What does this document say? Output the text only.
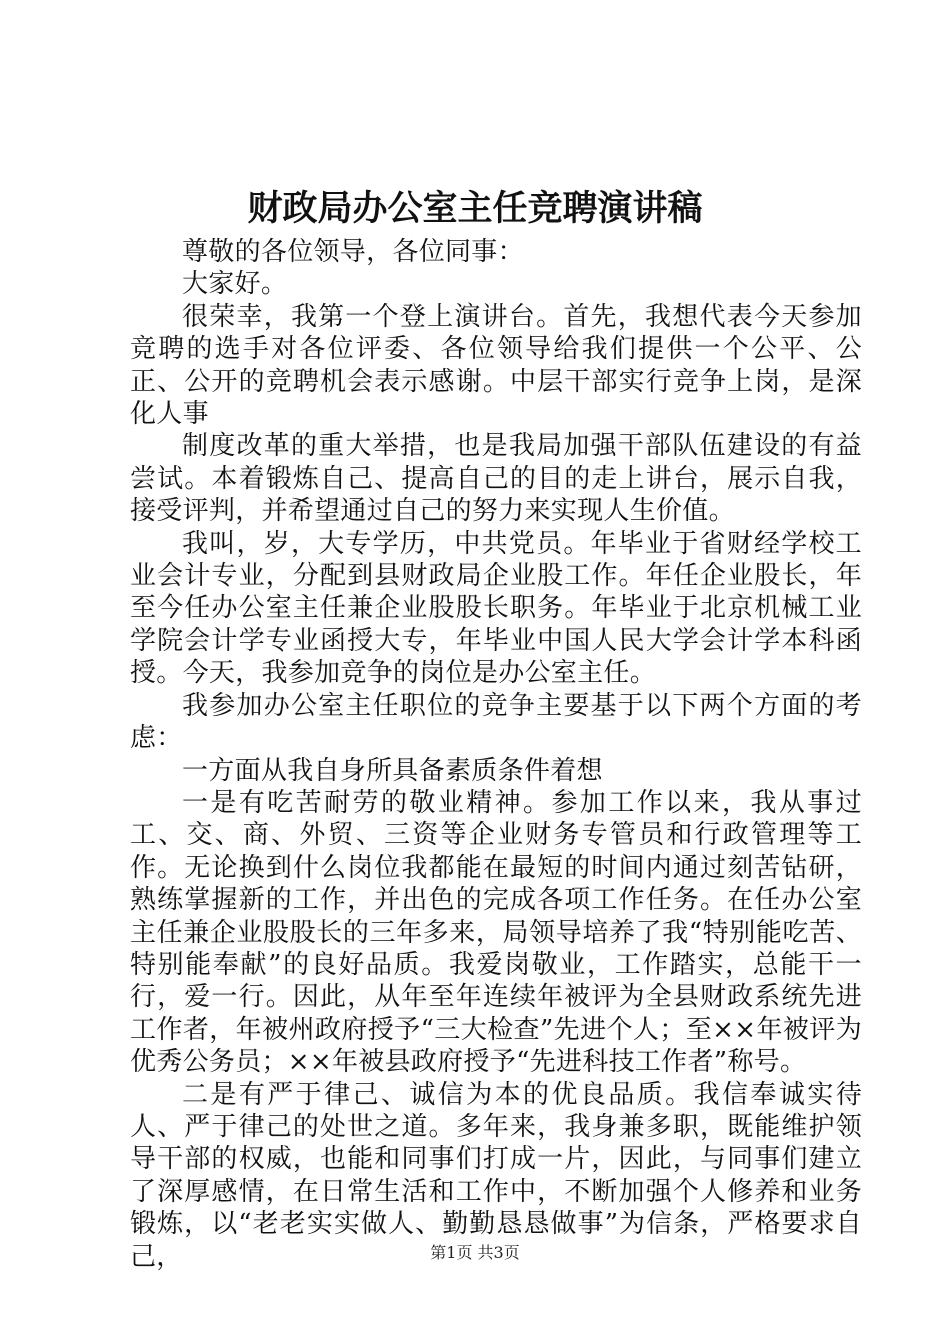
财政局办公室主任竞聘演讲稿

尊敬的各位领导，各位同事：

大家好。

很荣幸，我第一个登上演讲台。首先，我想代表今天参加竞聘的选手对各位评委、各位领导给我们提供一个公平、公正、公开的竞聘机会表示感谢。中层干部实行竞争上岗，是深化人事

制度改革的重大举措，也是我局加强干部队伍建设的有益尝试。本着锻炼自己、提高自己的目的走上讲台，展示自我，接受评判，并希望通过自己的努力来实现人生价值。

我叫，岁，大专学历，中共党员。年毕业于省财经学校工业会计专业，分配到县财政局企业股工作。年任企业股长，年至今任办公室主任兼企业股股长职务。年毕业于北京机械工业学院会计学专业函授大专，年毕业中国人民大学会计学本科函授。今天，我参加竞争的岗位是办公室主任。

我参加办公室主任职位的竞争主要基于以下两个方面的考虑：

一方面从我自身所具备素质条件着想

一是有吃苦耐劳的敬业精神。参加工作以来，我从事过工、交、商、外贸、三资等企业财务专管员和行政管理等工作。无论换到什么岗位我都能在最短的时间内通过刻苦钻研，熟练掌握新的工作，并出色的完成各项工作任务。在任办公室主任兼企业股股长的三年多来，局领导培养了我“特别能吃苦、特别能奉献”的良好品质。我爱岗敬业，工作踏实，总能干一行，爱一行。因此，从年至年连续年被评为全县财政系统先进工作者，年被州政府授予“三大检查”先进个人；至××年被评为优秀公务员；××年被县政府授予“先进科技工作者”称号。

二是有严于律己、诚信为本的优良品质。我信奉诚实待人、严于律己的处世之道。多年来，我身兼多职，既能维护领导干部的权威，也能和同事们打成一片，因此，与同事们建立了深厚感情，在日常生活和工作中，不断加强个人修养和业务锻炼，以“老老实实做人、勤勤恳恳做事”为信条，严格要求自己，	第1页 共3页
